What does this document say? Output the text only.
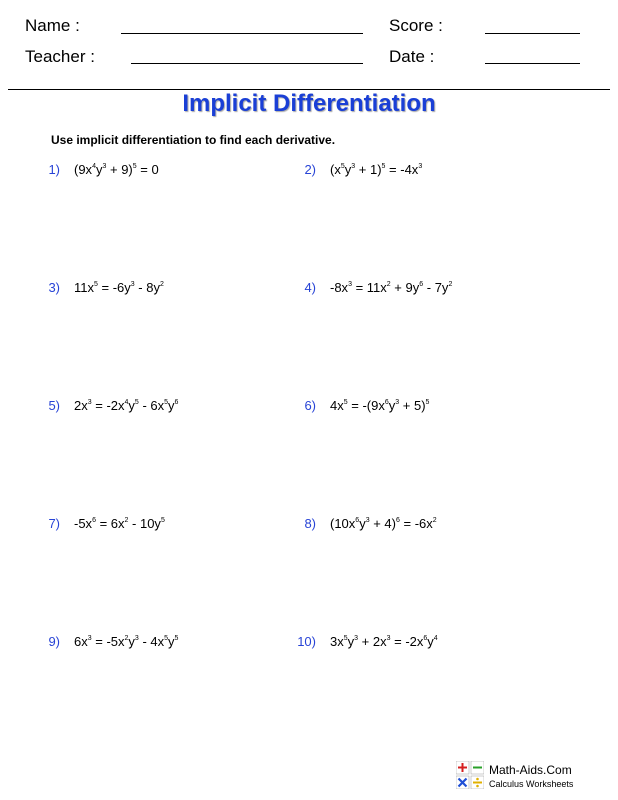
Name :	Score :
Teacher :	Date :
Implicit Differentiation
Use implicit differentiation to find each derivative.
1) $(9x^4y^3 + 9)^5 = 0$	2) $(x^5y^3 + 1)^5 = -4x^3$
3) $11x^5 = -6y^3 - 8y^2$	4) $-8x^3 = 11x^2 + 9y^6 - 7y^2$
5) $2x^3 = -2x^4y^5 - 6x^5y^6$	6) $4x^5 = -(9x^6y^3 + 5)^5$
7) $-5x^6 = 6x^2 - 10y^5$	8) $(10x^6y^3 + 4)^6 = -6x^2$
9) $6x^3 = -5x^2y^3 - 4x^5y^5$	10) $3x^5y^3 + 2x^3 = -2x^6y^4$
Math-Aids.Com
Calculus Worksheets
